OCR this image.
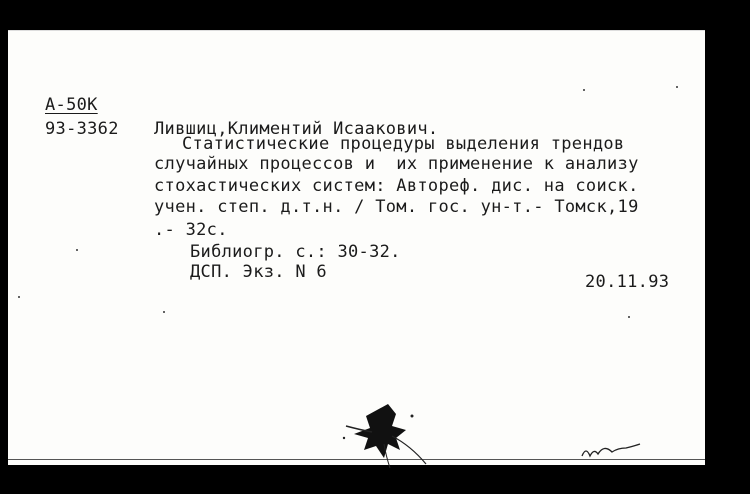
A-50K
93-3362 Лившиц,Климентий Исаакович.
Статистические процедуры выделения трендов
случайных процессов и  их применение к анализу
стохастических систем: Автореф. дис. на соиск.
учен. степ. д.т.н. / Том. гос. ун-т.- Томск,19
.- 32с.
Библиогр. с.: 30-32.
ДСП. Экз. N 6	20.11.93
